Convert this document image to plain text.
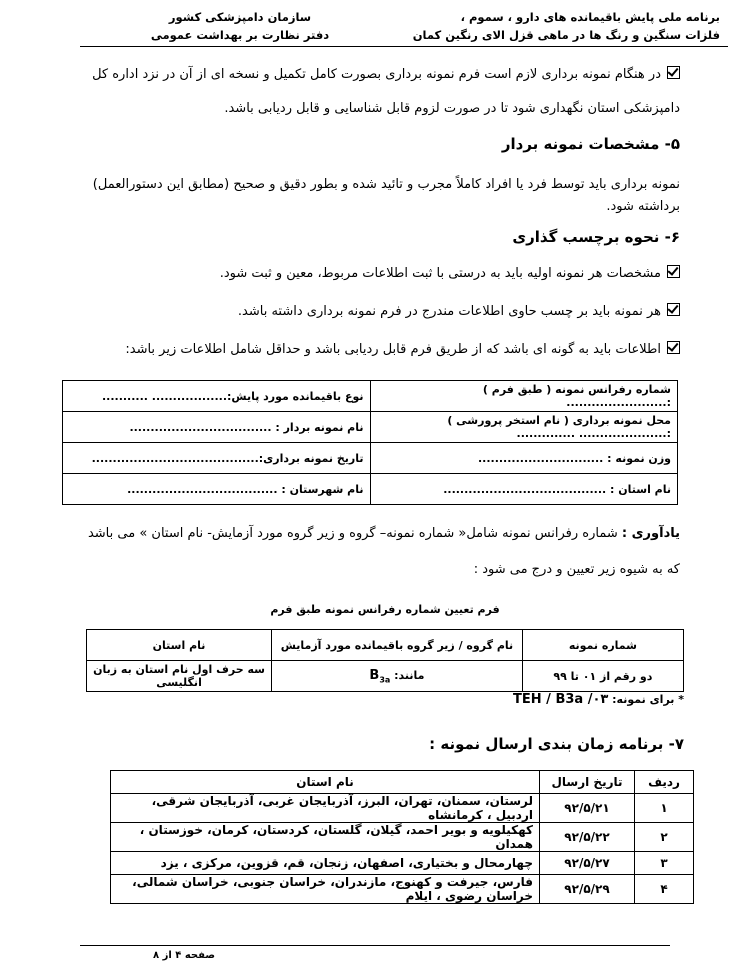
برنامه ملی پایش باقیمانده های دارو ، سموم ،
فلزات سنگین و رنگ ها در ماهی قزل الای رنگین کمان
سازمان دامپزشکی کشور
دفتر نظارت بر بهداشت عمومی
در هنگام نمونه برداری لازم است فرم نمونه برداری بصورت کامل تکمیل و نسخه ای از آن در نزد اداره کل دامپزشکی استان نگهداری شود تا در صورت لزوم قابل شناسایی و قابل ردیابی باشد.
۵- مشخصات نمونه بردار
نمونه برداری باید توسط فرد یا افراد کاملاً مجرب و تائید شده و بطور دقیق و صحیح (مطابق این دستورالعمل) برداشته شود.
۶- نحوه برچسب گذاری
مشخصات هر نمونه اولیه باید به درستی با ثبت اطلاعات مربوط، معین و ثبت شود.
هر نمونه باید بر چسب حاوی اطلاعات مندرج در فرم نمونه برداری داشته باشد.
اطلاعات باید به گونه ای باشد که از طریق فرم قابل ردیابی باشد و حداقل شامل اطلاعات زیر باشد:
شماره رفرانس نمونه ( طبق فرم ) :........................	نوع باقیمانده مورد پایش:.................. ...........
محل نمونه برداری ( نام استخر پرورشی ) :..................... ..............	نام نمونه بردار : ..................................
وزن نمونه : ..............................	تاریخ نمونه برداری:........................................
نام استان : .......................................	نام شهرستان : ....................................
یادآوری : شماره رفرانس نمونه شامل« شماره نمونه– گروه و زیر گروه مورد آزمایش- نام استان » می باشد که به شیوه زیر تعیین و درج می شود :
فرم تعیین شماره رفرانس نمونه طبق فرم
شماره نمونه	نام گروه / زیر گروه باقیمانده مورد آزمایش	نام استان
دو رقم از ۰۱ تا ۹۹	مانند: $B_{3a}$	سه حرف اول نام استان به زبان انگلیسی
* برای نمونه: TEH / B3a /۰۳
۷- برنامه زمان بندی ارسال نمونه :
ردیف	تاریخ ارسال	نام استان
۱	۹۲/۵/۲۱	لرستان، سمنان، تهران، البرز، آذربایجان غربی، آذربایجان شرقی، اردبیل ، کرمانشاه
۲	۹۲/۵/۲۲	کهکیلویه و بویر احمد، گیلان، گلستان، کردستان، کرمان، خوزستان ، همدان
۳	۹۲/۵/۲۷	چهارمحال و بختیاری، اصفهان، زنجان، قم، قزوین، مرکزی ، یزد
۴	۹۲/۵/۲۹	فارس، جیرفت و کهنوج، مازندران، خراسان جنوبی، خراسان شمالی، خراسان رضوی ، ایلام
صفحه ۴ از ۸
